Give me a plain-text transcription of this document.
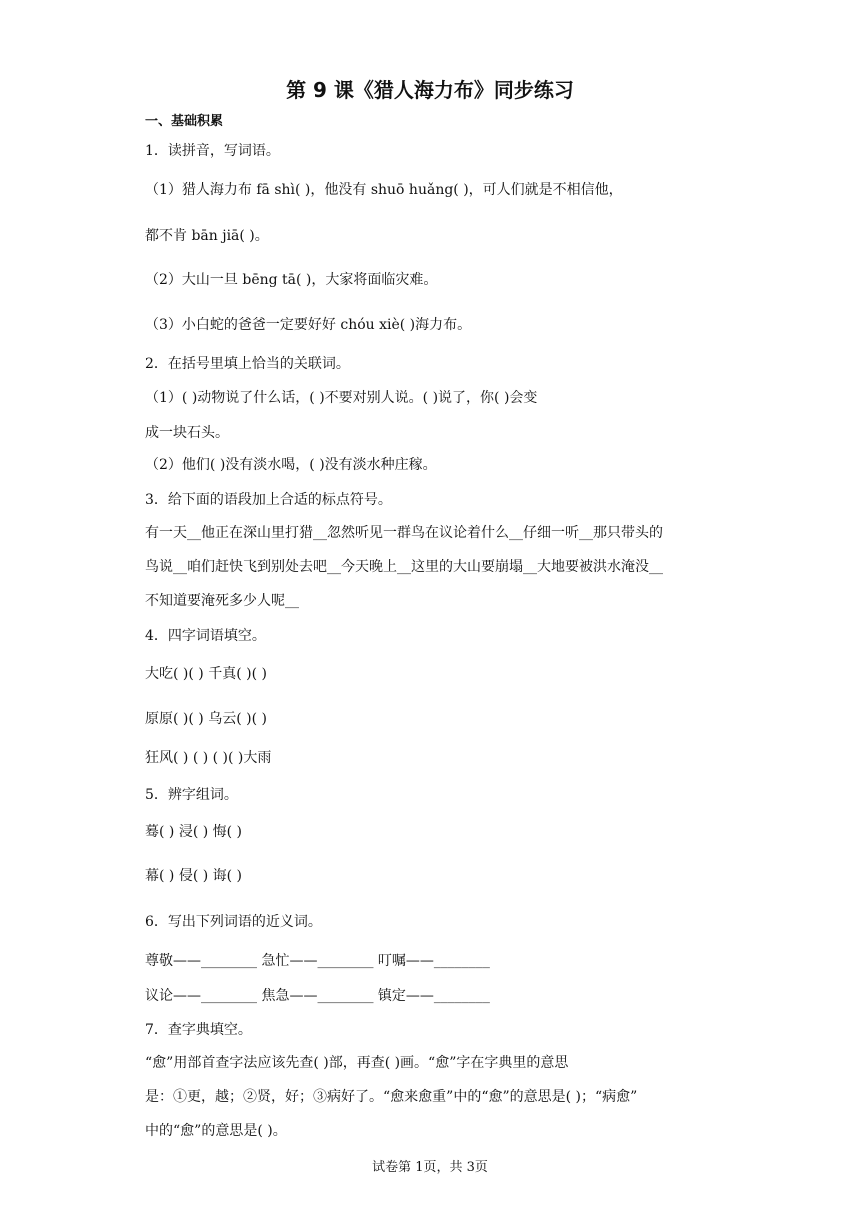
第 9 课《猎人海力布》同步练习
一、基础积累
1．读拼音，写词语。
（1）猎人海力布 fā shì( )，他没有 shuō huǎng( )，可人们就是不相信他，
都不肯 bān jiā( )。
（2）大山一旦 bēng tā( )，大家将面临灾难。
（3）小白蛇的爸爸一定要好好 chóu xiè( )海力布。
2．在括号里填上恰当的关联词。
（1）( )动物说了什么话，( )不要对别人说。( )说了，你( )会变
成一块石头。
（2）他们( )没有淡水喝，( )没有淡水种庄稼。
3．给下面的语段加上合适的标点符号。
有一天__他正在深山里打猎__忽然听见一群鸟在议论着什么__仔细一听__那只带头的
鸟说__咱们赶快飞到别处去吧__今天晚上__这里的大山要崩塌__大地要被洪水淹没__
不知道要淹死多少人呢__
4．四字词语填空。
大吃( )( ) 千真( )( )
原原( )( ) 乌云( )( )
狂风( ) ( ) ( )( )大雨
5．辨字组词。
蓦( ) 浸( ) 悔( )
幕( ) 侵( ) 诲( )
6．写出下列词语的近义词。
尊敬——________ 急忙——________ 叮嘱——________
议论——________ 焦急——________ 镇定——________
7．查字典填空。
“愈”用部首查字法应该先查( )部，再查( )画。“愈”字在字典里的意思
是：①更，越；②贤，好；③病好了。“愈来愈重”中的“愈”的意思是( )；“病愈”
中的“愈”的意思是( )。
试卷第 1页，共 3页
